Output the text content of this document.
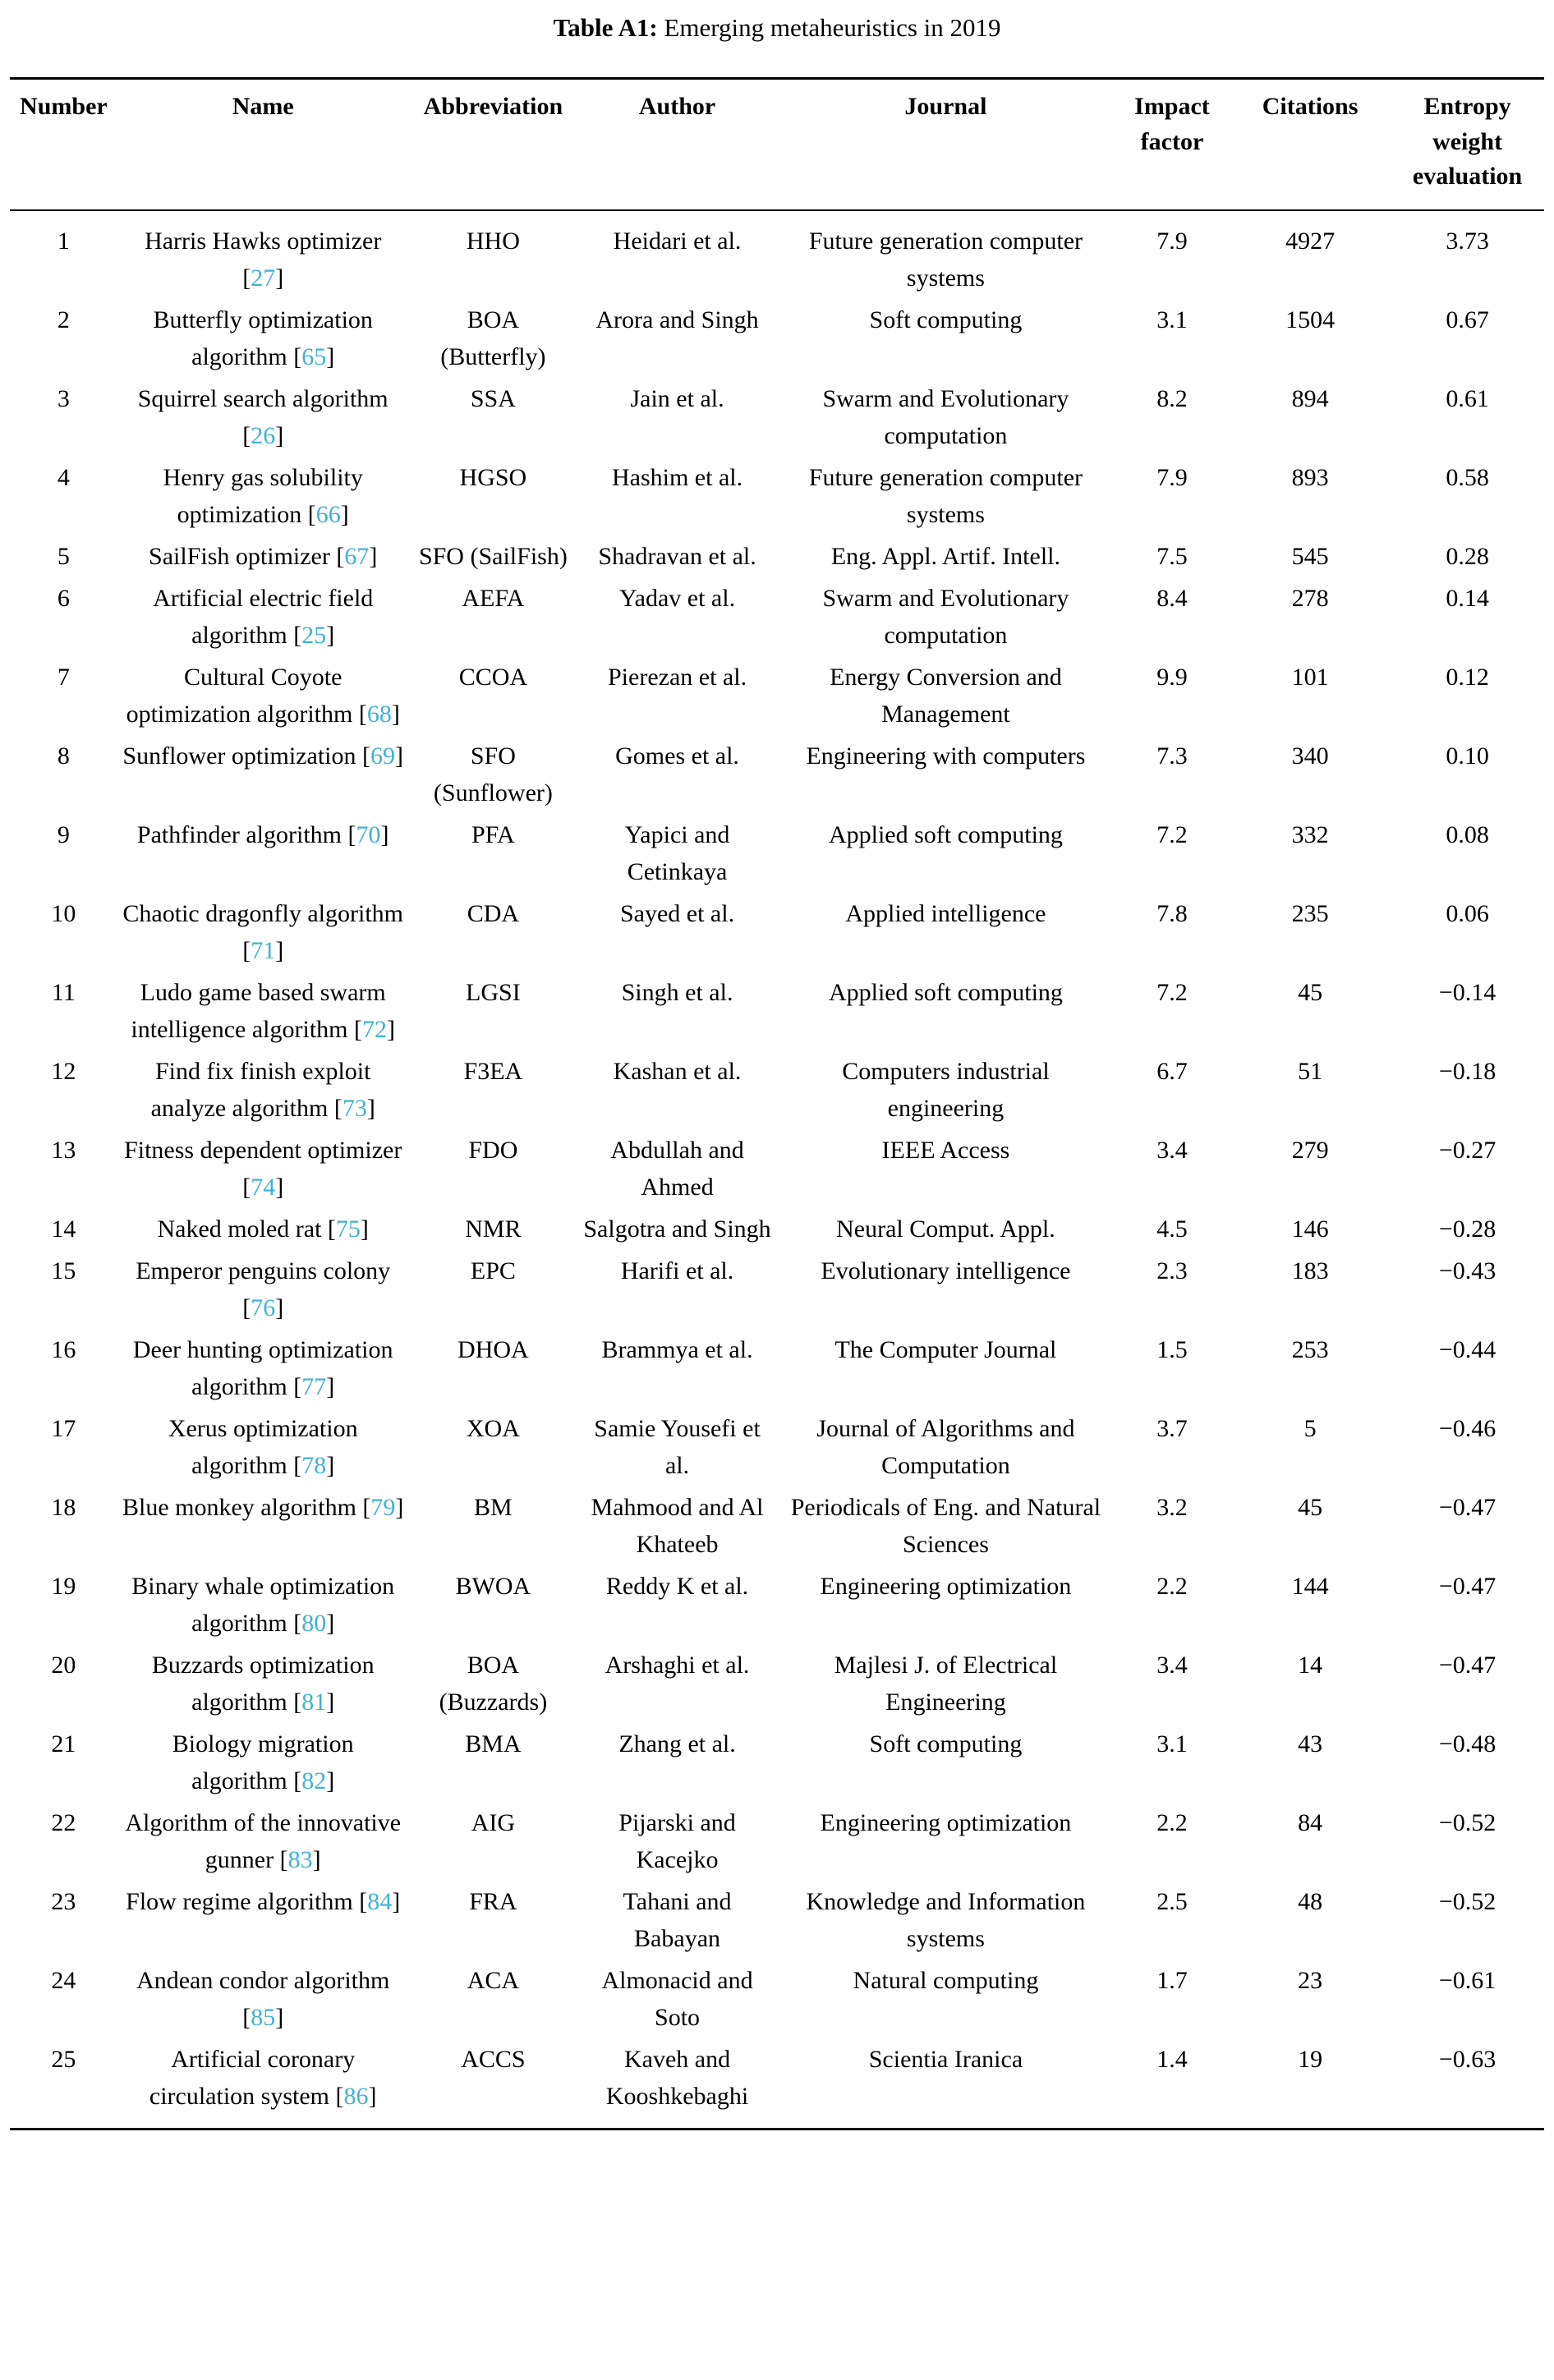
Table A1: Emerging metaheuristics in 2019
Number	Name	Abbreviation	Author	Journal	Impact factor	Citations	Entropy weight evaluation
1	Harris Hawks optimizer [27]	HHO	Heidari et al.	Future generation computer systems	7.9	4927	3.73
2	Butterfly optimization algorithm [65]	BOA (Butterfly)	Arora and Singh	Soft computing	3.1	1504	0.67
3	Squirrel search algorithm [26]	SSA	Jain et al.	Swarm and Evolutionary computation	8.2	894	0.61
4	Henry gas solubility optimization [66]	HGSO	Hashim et al.	Future generation computer systems	7.9	893	0.58
5	SailFish optimizer [67]	SFO (SailFish)	Shadravan et al.	Eng. Appl. Artif. Intell.	7.5	545	0.28
6	Artificial electric field algorithm [25]	AEFA	Yadav et al.	Swarm and Evolutionary computation	8.4	278	0.14
7	Cultural Coyote optimization algorithm [68]	CCOA	Pierezan et al.	Energy Conversion and Management	9.9	101	0.12
8	Sunflower optimization [69]	SFO (Sunflower)	Gomes et al.	Engineering with computers	7.3	340	0.10
9	Pathfinder algorithm [70]	PFA	Yapici and Cetinkaya	Applied soft computing	7.2	332	0.08
10	Chaotic dragonfly algorithm [71]	CDA	Sayed et al.	Applied intelligence	7.8	235	0.06
11	Ludo game based swarm intelligence algorithm [72]	LGSI	Singh et al.	Applied soft computing	7.2	45	−0.14
12	Find fix finish exploit analyze algorithm [73]	F3EA	Kashan et al.	Computers industrial engineering	6.7	51	−0.18
13	Fitness dependent optimizer [74]	FDO	Abdullah and Ahmed	IEEE Access	3.4	279	−0.27
14	Naked moled rat [75]	NMR	Salgotra and Singh	Neural Comput. Appl.	4.5	146	−0.28
15	Emperor penguins colony [76]	EPC	Harifi et al.	Evolutionary intelligence	2.3	183	−0.43
16	Deer hunting optimization algorithm [77]	DHOA	Brammya et al.	The Computer Journal	1.5	253	−0.44
17	Xerus optimization algorithm [78]	XOA	Samie Yousefi et al.	Journal of Algorithms and Computation	3.7	5	−0.46
18	Blue monkey algorithm [79]	BM	Mahmood and Al Khateeb	Periodicals of Eng. and Natural Sciences	3.2	45	−0.47
19	Binary whale optimization algorithm [80]	BWOA	Reddy K et al.	Engineering optimization	2.2	144	−0.47
20	Buzzards optimization algorithm [81]	BOA (Buzzards)	Arshaghi et al.	Majlesi J. of Electrical Engineering	3.4	14	−0.47
21	Biology migration algorithm [82]	BMA	Zhang et al.	Soft computing	3.1	43	−0.48
22	Algorithm of the innovative gunner [83]	AIG	Pijarski and Kacejko	Engineering optimization	2.2	84	−0.52
23	Flow regime algorithm [84]	FRA	Tahani and Babayan	Knowledge and Information systems	2.5	48	−0.52
24	Andean condor algorithm [85]	ACA	Almonacid and Soto	Natural computing	1.7	23	−0.61
25	Artificial coronary circulation system [86]	ACCS	Kaveh and Kooshkebaghi	Scientia Iranica	1.4	19	−0.63
